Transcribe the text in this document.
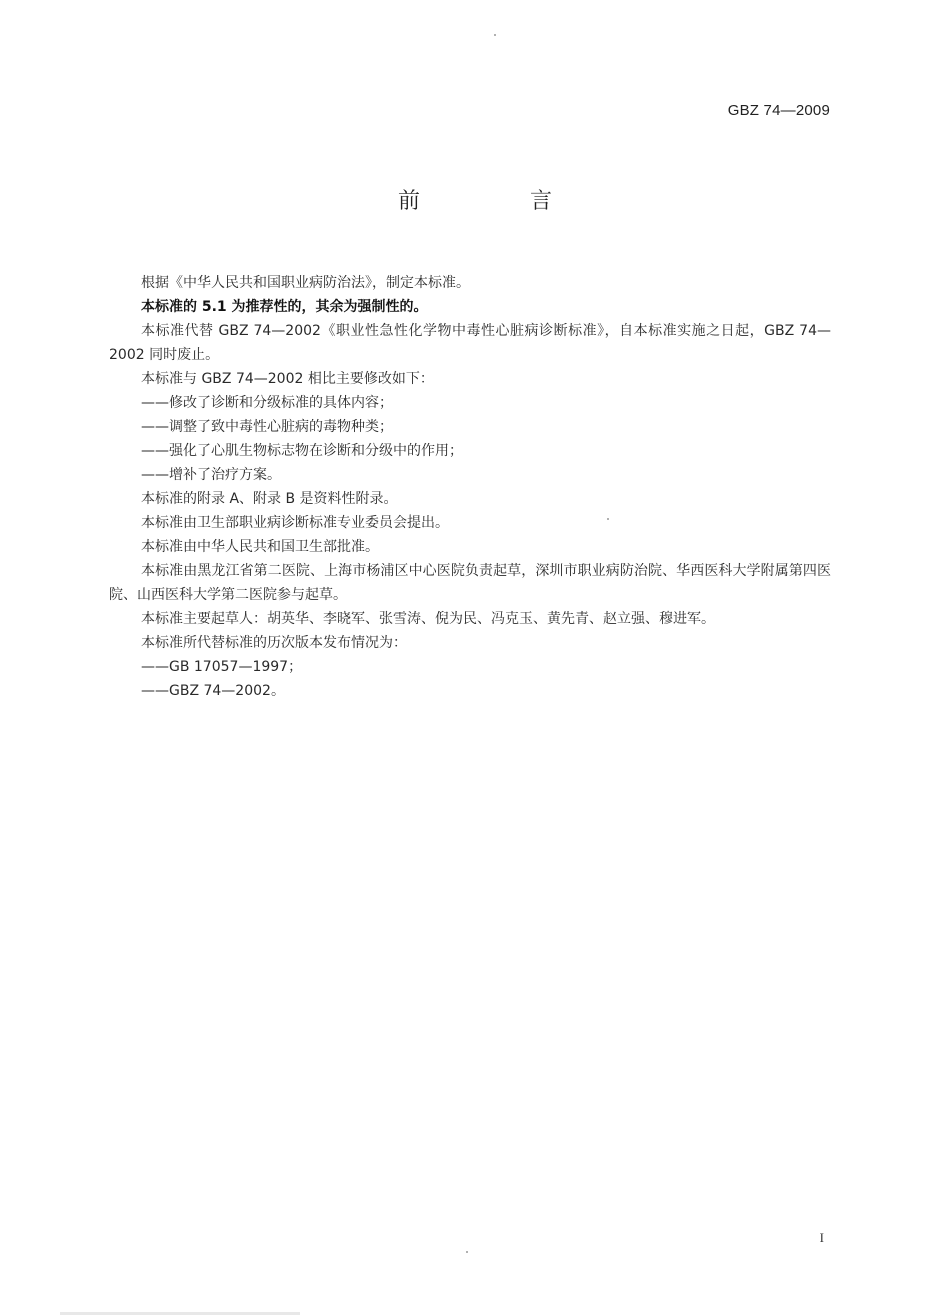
GBZ 74—2009
前　言

根据《中华人民共和国职业病防治法》，制定本标准。

本标准的 5.1 为推荐性的，其余为强制性的。

本标准代替 GBZ 74—2002《职业性急性化学物中毒性心脏病诊断标准》，自本标准实施之日起，GBZ 74—2002 同时废止。

本标准与 GBZ 74—2002 相比主要修改如下：

——修改了诊断和分级标准的具体内容；

——调整了致中毒性心脏病的毒物种类；

——强化了心肌生物标志物在诊断和分级中的作用；

——增补了治疗方案。

本标准的附录 A、附录 B 是资料性附录。

本标准由卫生部职业病诊断标准专业委员会提出。

本标准由中华人民共和国卫生部批准。

本标准由黑龙江省第二医院、上海市杨浦区中心医院负责起草，深圳市职业病防治院、华西医科大学附属第四医院、山西医科大学第二医院参与起草。

本标准主要起草人：胡英华、李晓军、张雪涛、倪为民、冯克玉、黄先青、赵立强、穆进军。

本标准所代替标准的历次版本发布情况为：

——GB 17057—1997；

——GBZ 74—2002。

I
